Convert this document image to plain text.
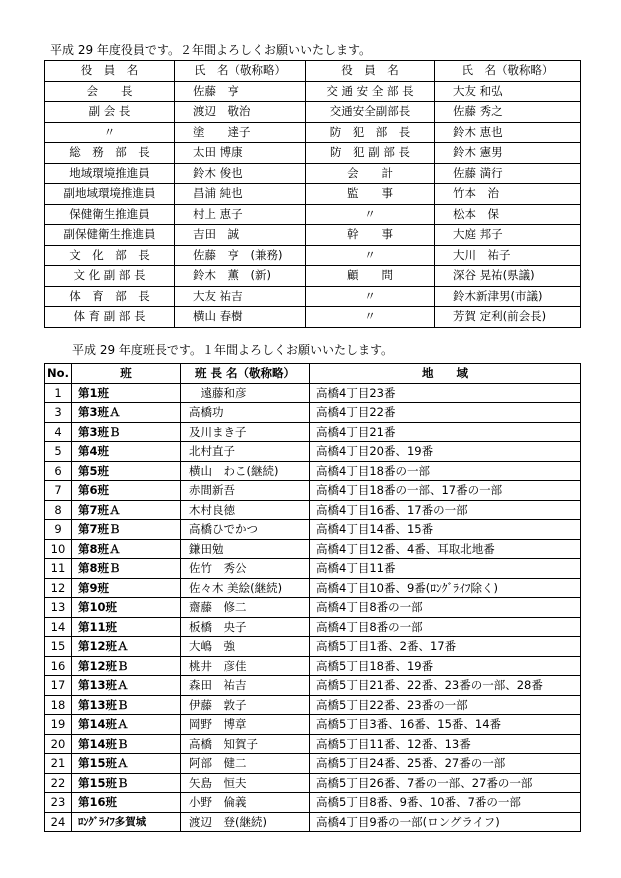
平成 29 年度役員です。２年間よろしくお願いいたします。
役　員　名	氏　名（敬称略）	役　員　名	氏　名（敬称略）
会　　長	佐藤　亨	交 通 安 全 部 長	大友 和弘
副 会 長	渡辺　敬治	交通安全副部長	佐藤 秀之
〃	塗　　達子	防　犯　部　長	鈴木 恵也
総　務　部　長	太田 博康	防　犯 副 部 長	鈴木 憲男
地域環境推進員	鈴木 俊也	会　　計	佐藤 満行
副地域環境推進員	昌浦 純也	監　　事	竹本　治
保健衛生推進員	村上 恵子	〃	松本　保
副保健衛生推進員	吉田　誠	幹　　事	大庭 邦子
文　化　部　長	佐藤　亨　(兼務)	〃	大川　祐子
文 化 副 部 長	鈴木　薫　(新)	顧　　問	深谷 晃祐(県議)
体　育　部　長	大友 祐吉	〃	鈴木新津男(市議)
体 育 副 部 長	横山 春樹	〃	芳賀 定利(前会長)
平成 29 年度班長です。１年間よろしくお願いいたします。
No.	班	班 長 名（敬称略）	地　　域
1	第1班	　遠藤和彦	高橋4丁目23番
3	第3班Ａ	高橋功	高橋4丁目22番
4	第3班Ｂ	及川まき子	高橋4丁目21番
5	第4班	北村直子	高橋4丁目20番、19番
6	第5班	横山　わこ(継続)	高橋4丁目18番の一部
7	第6班	赤間新吾	高橋4丁目18番の一部、17番の一部
8	第7班Ａ	木村良徳	高橋4丁目16番、17番の一部
9	第7班Ｂ	高橋ひでかつ	高橋4丁目14番、15番
10	第8班Ａ	鎌田勉	高橋4丁目12番、4番、耳取北地番
11	第8班Ｂ	佐竹　秀公	高橋4丁目11番
12	第9班	佐々木 美絵(継続)	高橋4丁目10番、9番(ﾛﾝｸﾞﾗｲﾌ除く)
13	第10班	齋藤　修二	高橋4丁目8番の一部
14	第11班	板橋　央子	高橋4丁目8番の一部
15	第12班Ａ	大嶋　強	高橋5丁目1番、2番、17番
16	第12班Ｂ	桃井　彦佳	高橋5丁目18番、19番
17	第13班Ａ	森田　祐吉	高橋5丁目21番、22番、23番の一部、28番
18	第13班Ｂ	伊藤　敦子	高橋5丁目22番、23番の一部
19	第14班Ａ	岡野　博章	高橋5丁目3番、16番、15番、14番
20	第14班Ｂ	高橋　知賀子	高橋5丁目11番、12番、13番
21	第15班Ａ	阿部　健二	高橋5丁目24番、25番、27番の一部
22	第15班Ｂ	矢島　恒夫	高橋5丁目26番、7番の一部、27番の一部
23	第16班	小野　倫義	高橋5丁目8番、9番、10番、7番の一部
24	ﾛﾝｸﾞﾗｲﾌ多賀城	渡辺　登(継続)	高橋4丁目9番の一部(ロングライフ)
